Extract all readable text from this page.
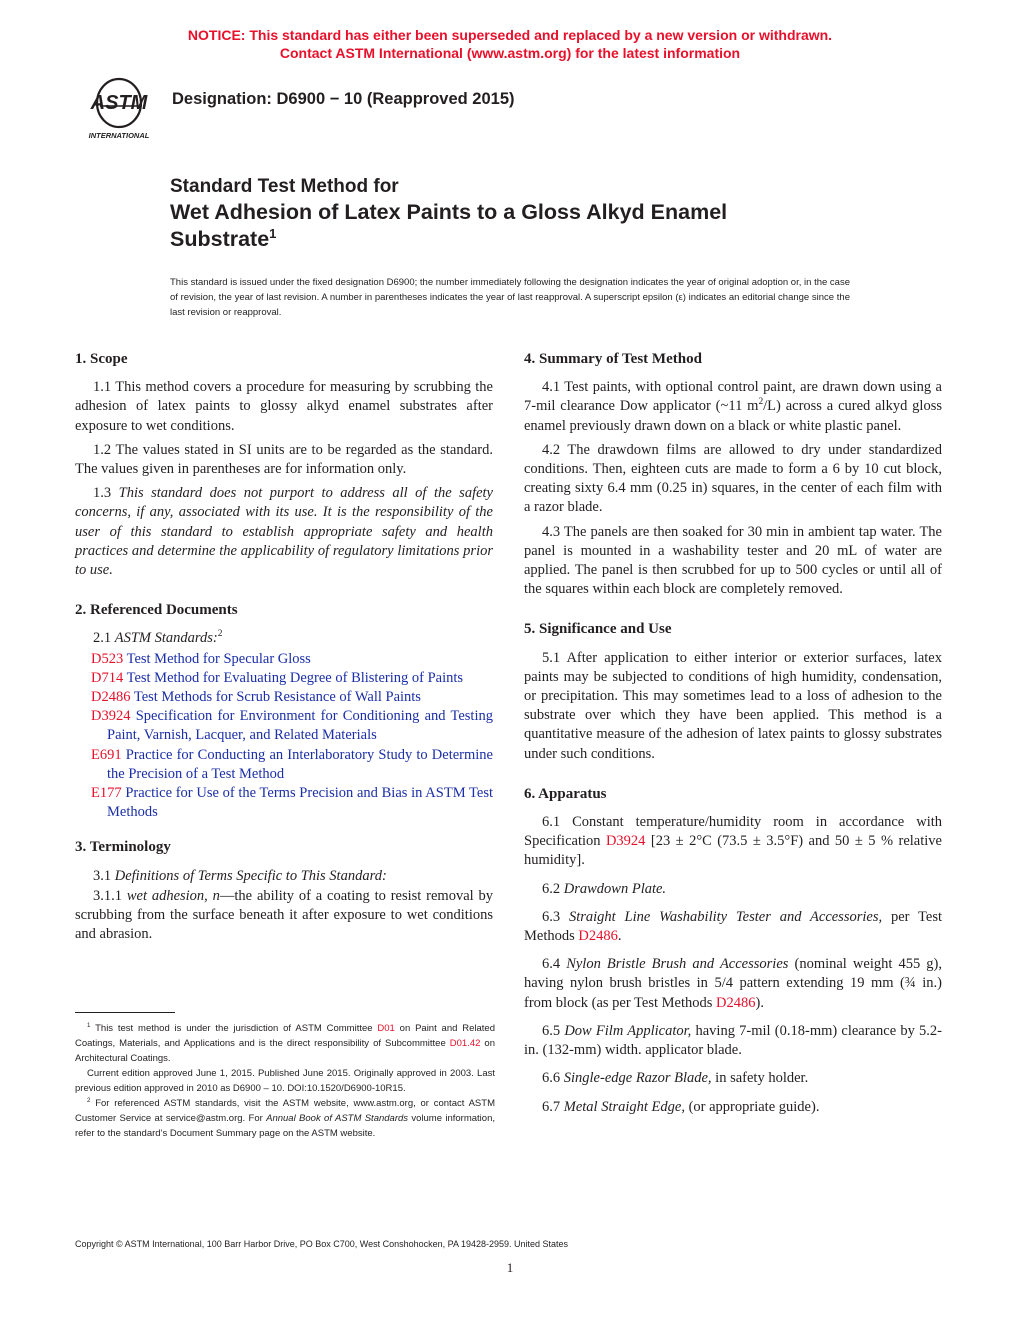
NOTICE: This standard has either been superseded and replaced by a new version or withdrawn.
Contact ASTM International (www.astm.org) for the latest information
ASTM
INTERNATIONAL
Designation: D6900 − 10 (Reapproved 2015)
Standard Test Method for
Wet Adhesion of Latex Paints to a Gloss Alkyd Enamel
Substrate$^1$
This standard is issued under the fixed designation D6900; the number immediately following the designation indicates the year of original adoption or, in the case of revision, the year of last revision. A number in parentheses indicates the year of last reapproval. A superscript epsilon (ε) indicates an editorial change since the last revision or reapproval.
1. Scope
1.1 This method covers a procedure for measuring by scrubbing the adhesion of latex paints to glossy alkyd enamel substrates after exposure to wet conditions.
1.2 The values stated in SI units are to be regarded as the standard. The values given in parentheses are for information only.
1.3 This standard does not purport to address all of the safety concerns, if any, associated with its use. It is the responsibility of the user of this standard to establish appropriate safety and health practices and determine the applicability of regulatory limitations prior to use.
2. Referenced Documents
2.1 ASTM Standards:$^2$
D523 Test Method for Specular Gloss
D714 Test Method for Evaluating Degree of Blistering of Paints
D2486 Test Methods for Scrub Resistance of Wall Paints
D3924 Specification for Environment for Conditioning and Testing Paint, Varnish, Lacquer, and Related Materials
E691 Practice for Conducting an Interlaboratory Study to Determine the Precision of a Test Method
E177 Practice for Use of the Terms Precision and Bias in ASTM Test Methods
3. Terminology
3.1 Definitions of Terms Specific to This Standard:
3.1.1 wet adhesion, n—the ability of a coating to resist removal by scrubbing from the surface beneath it after exposure to wet conditions and abrasion.
4. Summary of Test Method
4.1 Test paints, with optional control paint, are drawn down using a 7-mil clearance Dow applicator (~11 $m^2/L$) across a cured alkyd gloss enamel previously drawn down on a black or white plastic panel.
4.2 The drawdown films are allowed to dry under standardized conditions. Then, eighteen cuts are made to form a 6 by 10 cut block, creating sixty 6.4 mm (0.25 in) squares, in the center of each film with a razor blade.
4.3 The panels are then soaked for 30 min in ambient tap water. The panel is mounted in a washability tester and 20 mL of water are applied. The panel is then scrubbed for up to 500 cycles or until all of the squares within each block are completely removed.
5. Significance and Use
5.1 After application to either interior or exterior surfaces, latex paints may be subjected to conditions of high humidity, condensation, or precipitation. This may sometimes lead to a loss of adhesion to the substrate over which they have been applied. This method is a quantitative measure of the adhesion of latex paints to glossy substrates under such conditions.
6. Apparatus
6.1 Constant temperature/humidity room in accordance with Specification D3924 [23 ± 2°C (73.5 ± 3.5°F) and 50 ± 5 % relative humidity].
6.2 Drawdown Plate.
6.3 Straight Line Washability Tester and Accessories, per Test Methods D2486.
6.4 Nylon Bristle Brush and Accessories (nominal weight 455 g), having nylon brush bristles in 5/4 pattern extending 19 mm (¾ in.) from block (as per Test Methods D2486).
6.5 Dow Film Applicator, having 7-mil (0.18-mm) clearance by 5.2-in. (132-mm) width. applicator blade.
6.6 Single-edge Razor Blade, in safety holder.
6.7 Metal Straight Edge, (or appropriate guide).
$^1$ This test method is under the jurisdiction of ASTM Committee D01 on Paint and Related Coatings, Materials, and Applications and is the direct responsibility of Subcommittee D01.42 on Architectural Coatings.
Current edition approved June 1, 2015. Published June 2015. Originally approved in 2003. Last previous edition approved in 2010 as D6900 – 10. DOI:10.1520/D6900-10R15.
$^2$ For referenced ASTM standards, visit the ASTM website, www.astm.org, or contact ASTM Customer Service at service@astm.org. For Annual Book of ASTM Standards volume information, refer to the standard’s Document Summary page on the ASTM website.
Copyright © ASTM International, 100 Barr Harbor Drive, PO Box C700, West Conshohocken, PA 19428-2959. United States
1
